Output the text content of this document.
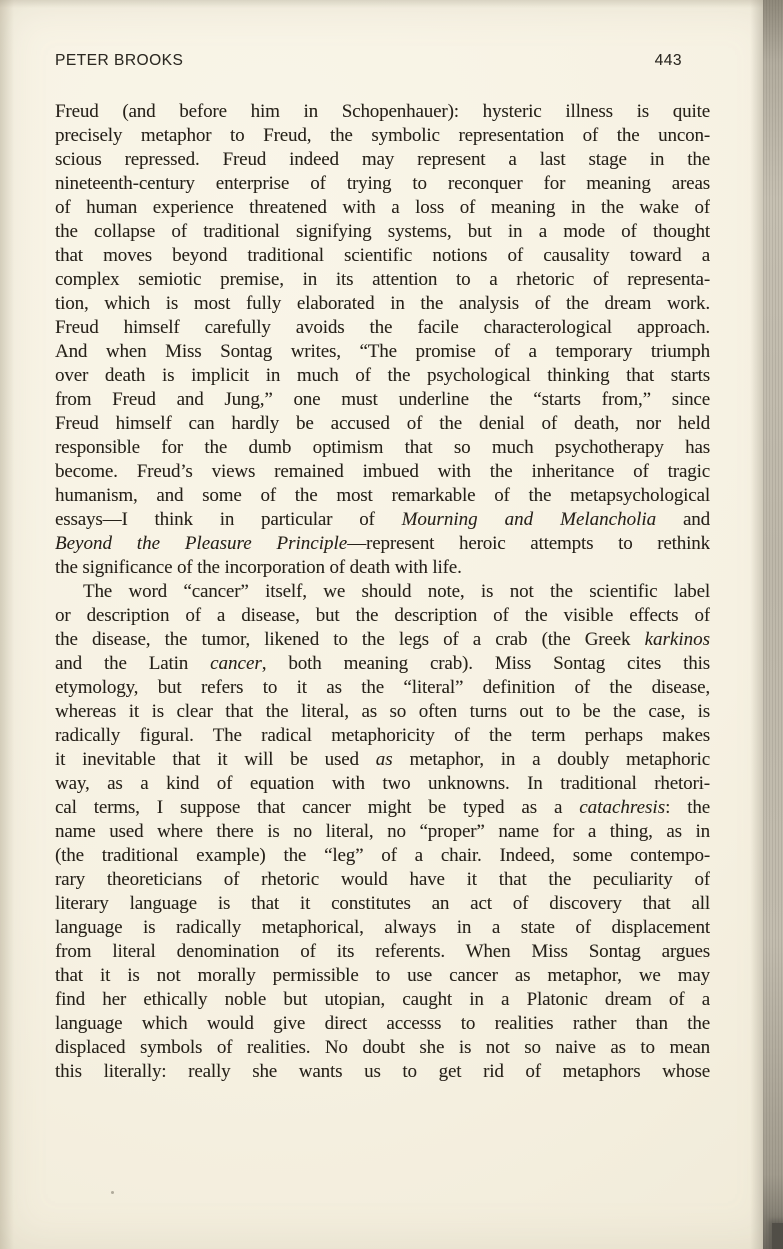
PETER BROOKS	443
Freud (and before him in Schopenhauer): hysteric illness is quite
precisely metaphor to Freud, the symbolic representation of the uncon-
scious repressed. Freud indeed may represent a last stage in the
nineteenth-century enterprise of trying to reconquer for meaning areas
of human experience threatened with a loss of meaning in the wake of
the collapse of traditional signifying systems, but in a mode of thought
that moves beyond traditional scientific notions of causality toward a
complex semiotic premise, in its attention to a rhetoric of representa-
tion, which is most fully elaborated in the analysis of the dream work.
Freud himself carefully avoids the facile characterological approach.
And when Miss Sontag writes, “The promise of a temporary triumph
over death is implicit in much of the psychological thinking that starts
from Freud and Jung,” one must underline the “starts from,” since
Freud himself can hardly be accused of the denial of death, nor held
responsible for the dumb optimism that so much psychotherapy has
become. Freud’s views remained imbued with the inheritance of tragic
humanism, and some of the most remarkable of the metapsychological
essays—I think in particular of Mourning and Melancholia and
Beyond the Pleasure Principle—represent heroic attempts to rethink
the significance of the incorporation of death with life.
The word “cancer” itself, we should note, is not the scientific label
or description of a disease, but the description of the visible effects of
the disease, the tumor, likened to the legs of a crab (the Greek karkinos
and the Latin cancer, both meaning crab). Miss Sontag cites this
etymology, but refers to it as the “literal” definition of the disease,
whereas it is clear that the literal, as so often turns out to be the case, is
radically figural. The radical metaphoricity of the term perhaps makes
it inevitable that it will be used as metaphor, in a doubly metaphoric
way, as a kind of equation with two unknowns. In traditional rhetori-
cal terms, I suppose that cancer might be typed as a catachresis: the
name used where there is no literal, no “proper” name for a thing, as in
(the traditional example) the “leg” of a chair. Indeed, some contempo-
rary theoreticians of rhetoric would have it that the peculiarity of
literary language is that it constitutes an act of discovery that all
language is radically metaphorical, always in a state of displacement
from literal denomination of its referents. When Miss Sontag argues
that it is not morally permissible to use cancer as metaphor, we may
find her ethically noble but utopian, caught in a Platonic dream of a
language which would give direct accesss to realities rather than the
displaced symbols of realities. No doubt she is not so naive as to mean
this literally: really she wants us to get rid of metaphors whose
